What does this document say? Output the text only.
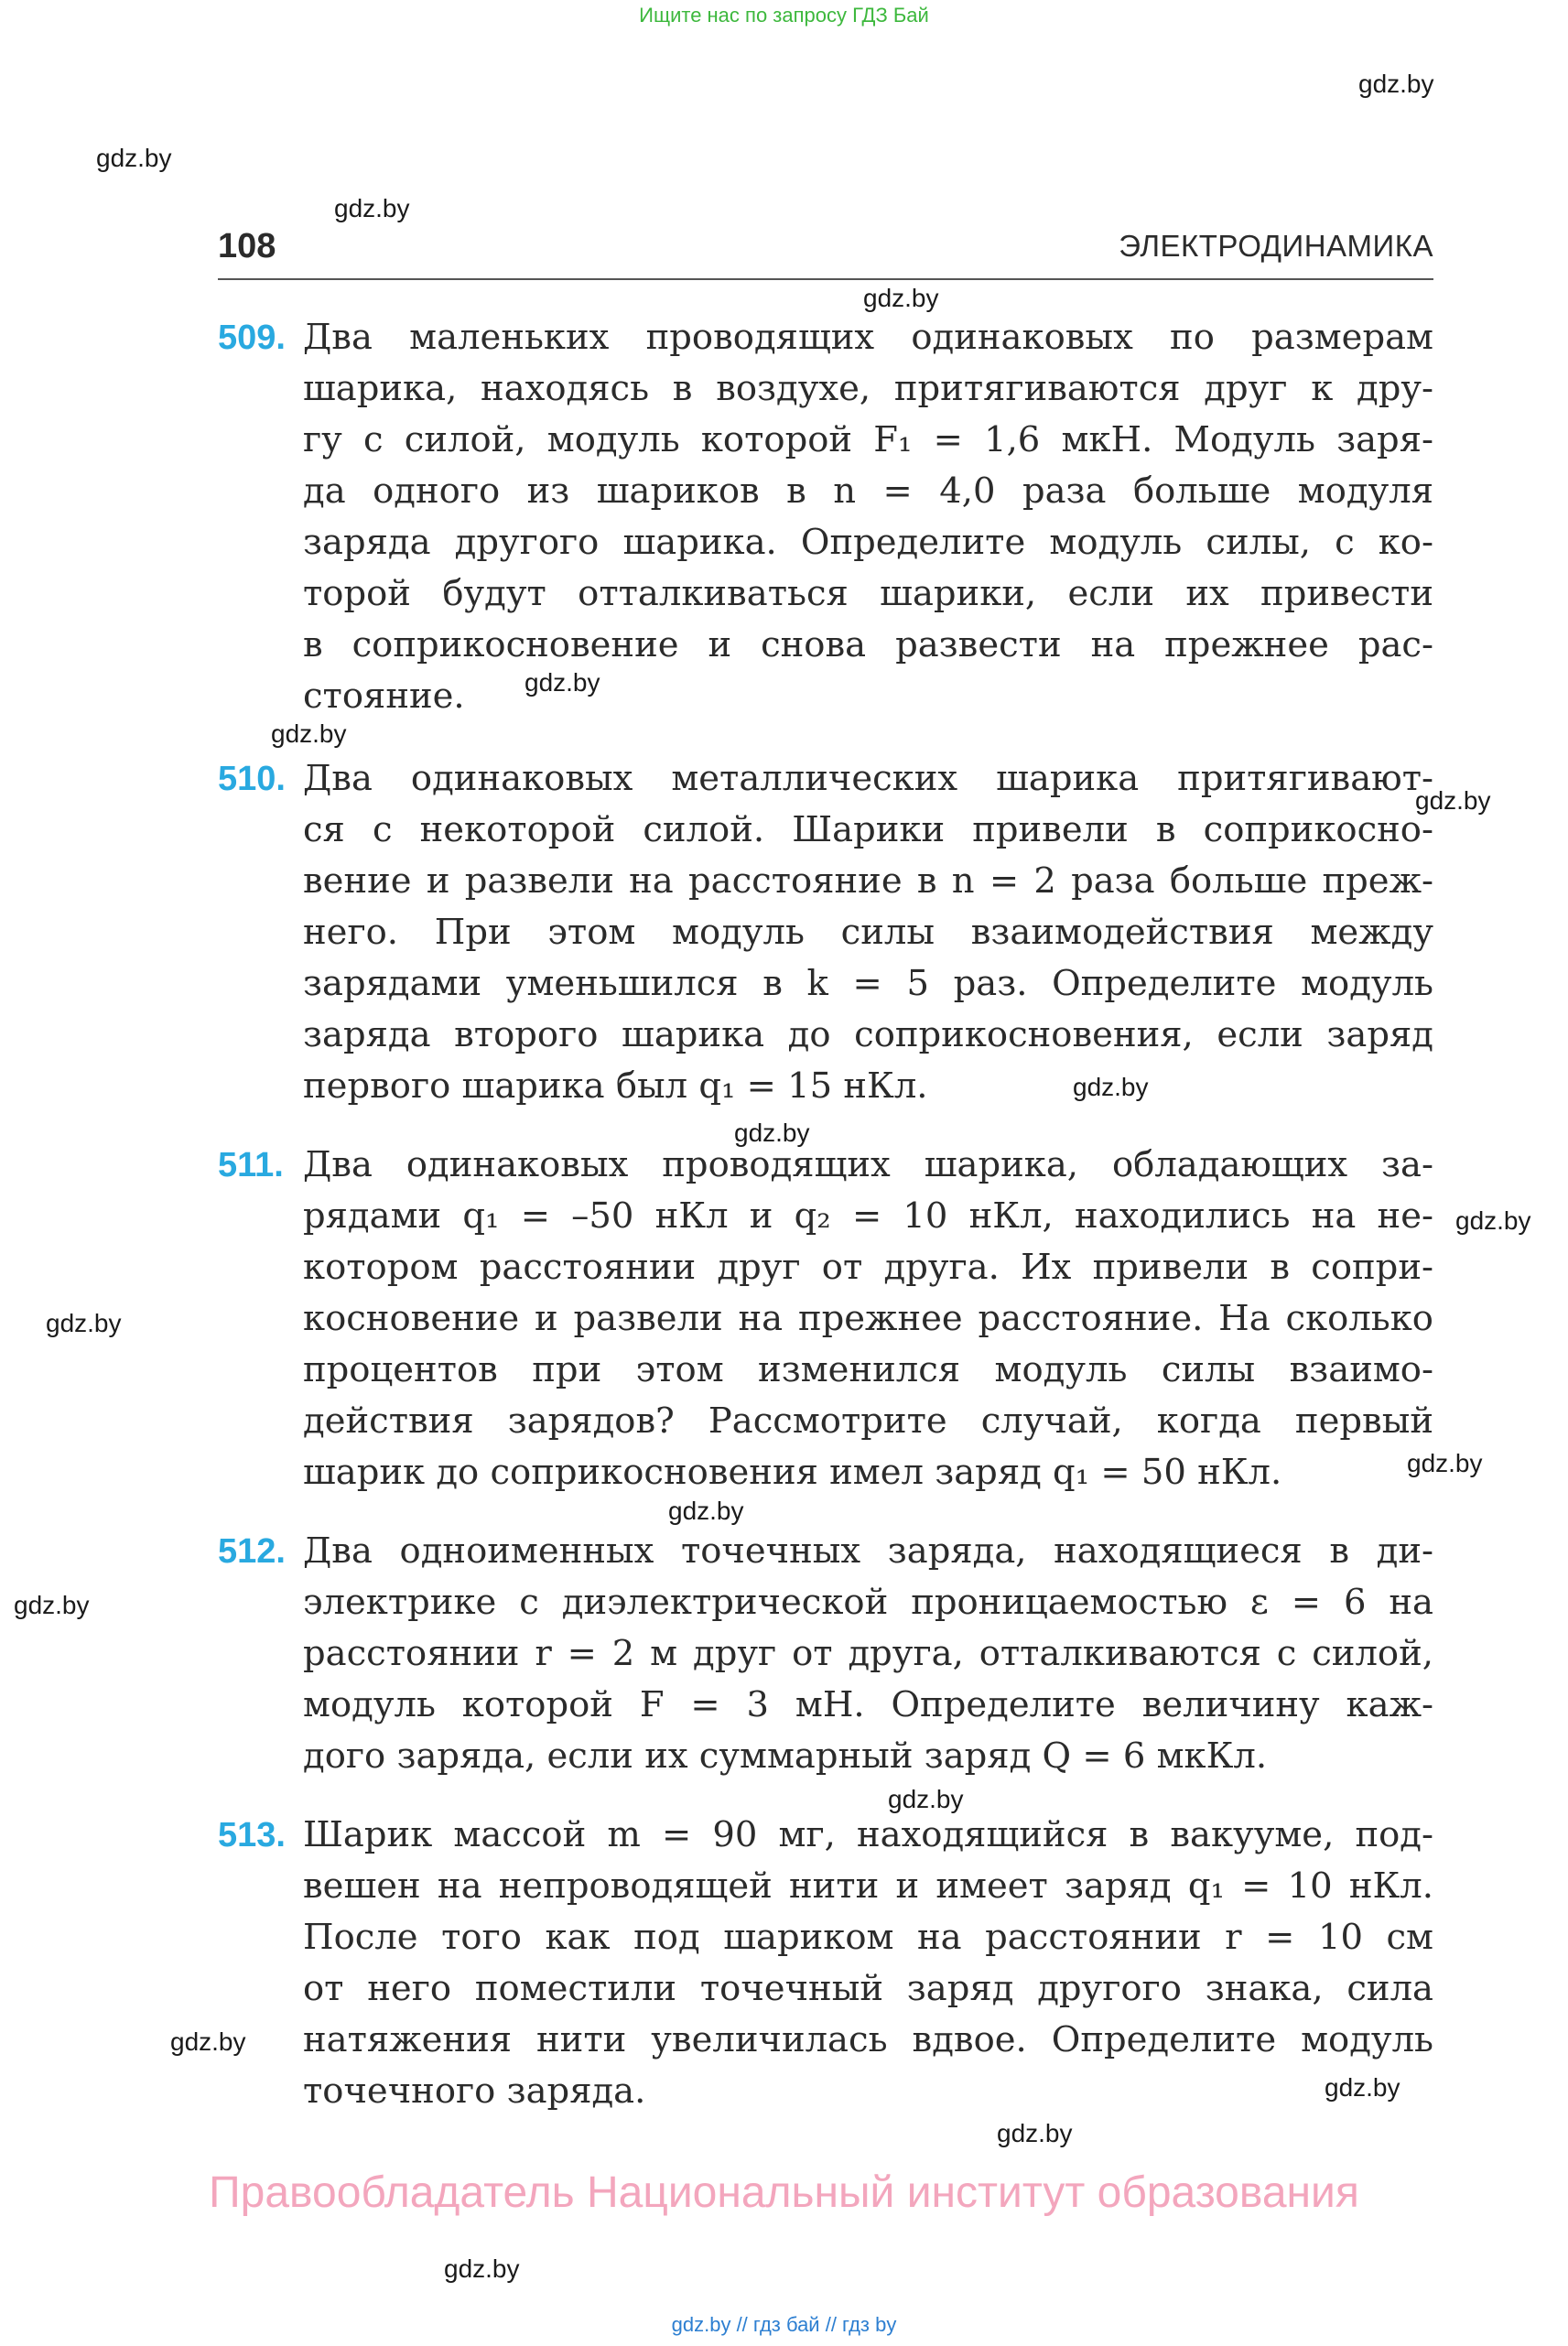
Ищите нас по запросу ГДЗ Бай
gdz.by
gdz.by
gdz.by
gdz.by
gdz.by
gdz.by
gdz.by
gdz.by
gdz.by
gdz.by
gdz.by
gdz.by
gdz.by
gdz.by
gdz.by
gdz.by
gdz.by
gdz.by
gdz.by
108	ЭЛЕКТРОДИНАМИКА
509. Два маленьких проводящих одинаковых по размерам
шарика, находясь в воздухе, притягиваются друг к дру-
гу с силой, модуль которой F₁ = 1,6 мкН. Модуль заря-
да одного из шариков в n = 4,0 раза больше модуля
заряда другого шарика. Определите модуль силы, с ко-
торой будут отталкиваться шарики, если их привести
в соприкосновение и снова развести на прежнее рас-
стояние.
510. Два одинаковых металлических шарика притягивают-
ся с некоторой силой. Шарики привели в соприкосно-
вение и развели на расстояние в n = 2 раза больше преж-
него. При этом модуль силы взаимодействия между
зарядами уменьшился в k = 5 раз. Определите модуль
заряда второго шарика до соприкосновения, если заряд
первого шарика был q₁ = 15 нКл.
511. Два одинаковых проводящих шарика, обладающих за-
рядами q₁ = –50 нКл и q₂ = 10 нКл, находились на не-
котором расстоянии друг от друга. Их привели в сопри-
косновение и развели на прежнее расстояние. На сколько
процентов при этом изменился модуль силы взаимо-
действия зарядов? Рассмотрите случай, когда первый
шарик до соприкосновения имел заряд q₁ = 50 нКл.
512. Два одноименных точечных заряда, находящиеся в ди-
электрике с диэлектрической проницаемостью ε = 6 на
расстоянии r = 2 м друг от друга, отталкиваются с силой,
модуль которой F = 3 мН. Определите величину каж-
дого заряда, если их суммарный заряд Q = 6 мкКл.
513. Шарик массой m = 90 мг, находящийся в вакууме, под-
вешен на непроводящей нити и имеет заряд q₁ = 10 нКл.
После того как под шариком на расстоянии r = 10 см
от него поместили точечный заряд другого знака, сила
натяжения нити увеличилась вдвое. Определите модуль
точечного заряда.
Правообладатель Национальный институт образования
gdz.by // гдз бай // гдз by
